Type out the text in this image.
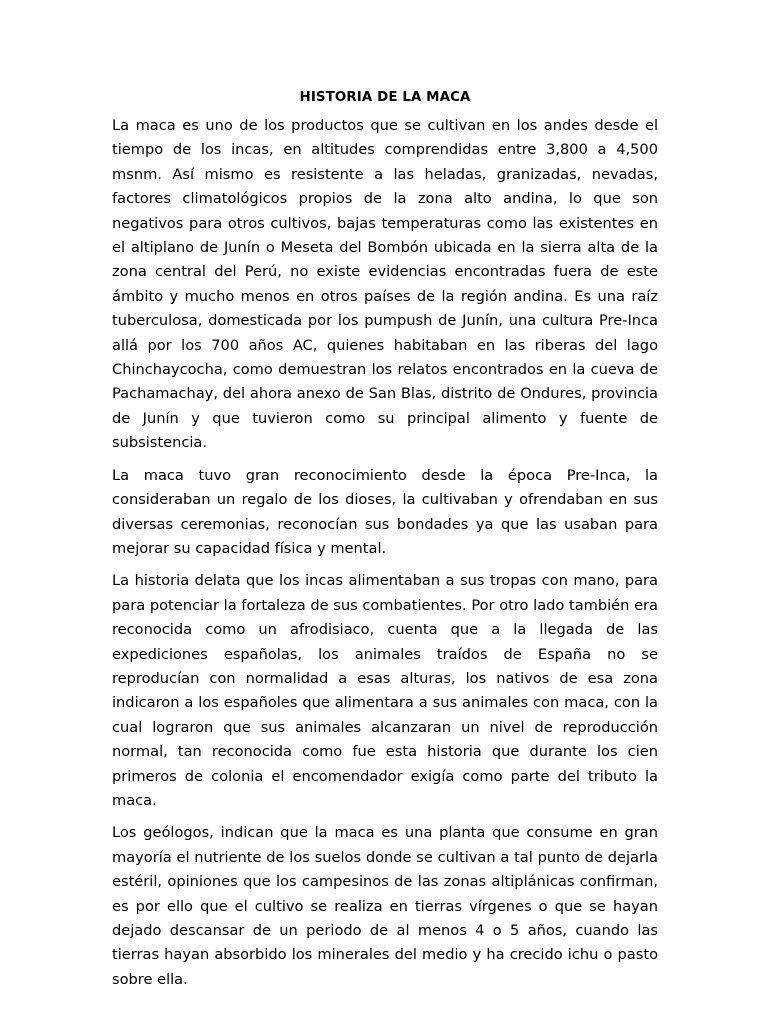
HISTORIA DE LA MACA

La maca es uno de los productos que se cultivan en los andes desde el tiempo de los incas, en altitudes comprendidas entre 3,800 a 4,500 msnm. Así mismo es resistente a las heladas, granizadas, nevadas, factores climatológicos propios de la zona alto andina, lo que son negativos para otros cultivos, bajas temperaturas como las existentes en el altiplano de Junín o Meseta del Bombón ubicada en la sierra alta de la zona central del Perú, no existe evidencias encontradas fuera de este ámbito y mucho menos en otros países de la región andina. Es una raíz tuberculosa, domesticada por los pumpush de Junín, una cultura Pre-Inca allá por los 700 años AC, quienes habitaban en las riberas del lago Chinchaycocha, como demuestran los relatos encontrados en la cueva de Pachamachay, del ahora anexo de San Blas, distrito de Ondures, provincia de Junín y que tuvieron como su principal alimento y fuente de subsistencia.

La maca tuvo gran reconocimiento desde la época Pre-Inca, la consideraban un regalo de los dioses, la cultivaban y ofrendaban en sus diversas ceremonias, reconocían sus bondades ya que las usaban para mejorar su capacidad física y mental.

La historia delata que los incas alimentaban a sus tropas con mano, para para potenciar la fortaleza de sus combatientes. Por otro lado también era reconocida como un afrodisiaco, cuenta que a la llegada de las expediciones españolas, los animales traídos de España no se reproducían con normalidad a esas alturas, los nativos de esa zona indicaron a los españoles que alimentara a sus animales con maca, con la cual lograron que sus animales alcanzaran un nivel de reproducción normal, tan reconocida como fue esta historia que durante los cien primeros de colonia el encomendador exigía como parte del tributo la maca.

Los geólogos, indican que la maca es una planta que consume en gran mayoría el nutriente de los suelos donde se cultivan a tal punto de dejarla estéril, opiniones que los campesinos de las zonas altiplánicas confirman, es por ello que el cultivo se realiza en tierras vírgenes o que se hayan dejado descansar de un periodo de al menos 4 o 5 años, cuando las tierras hayan absorbido los minerales del medio y ha crecido ichu o pasto sobre ella.
